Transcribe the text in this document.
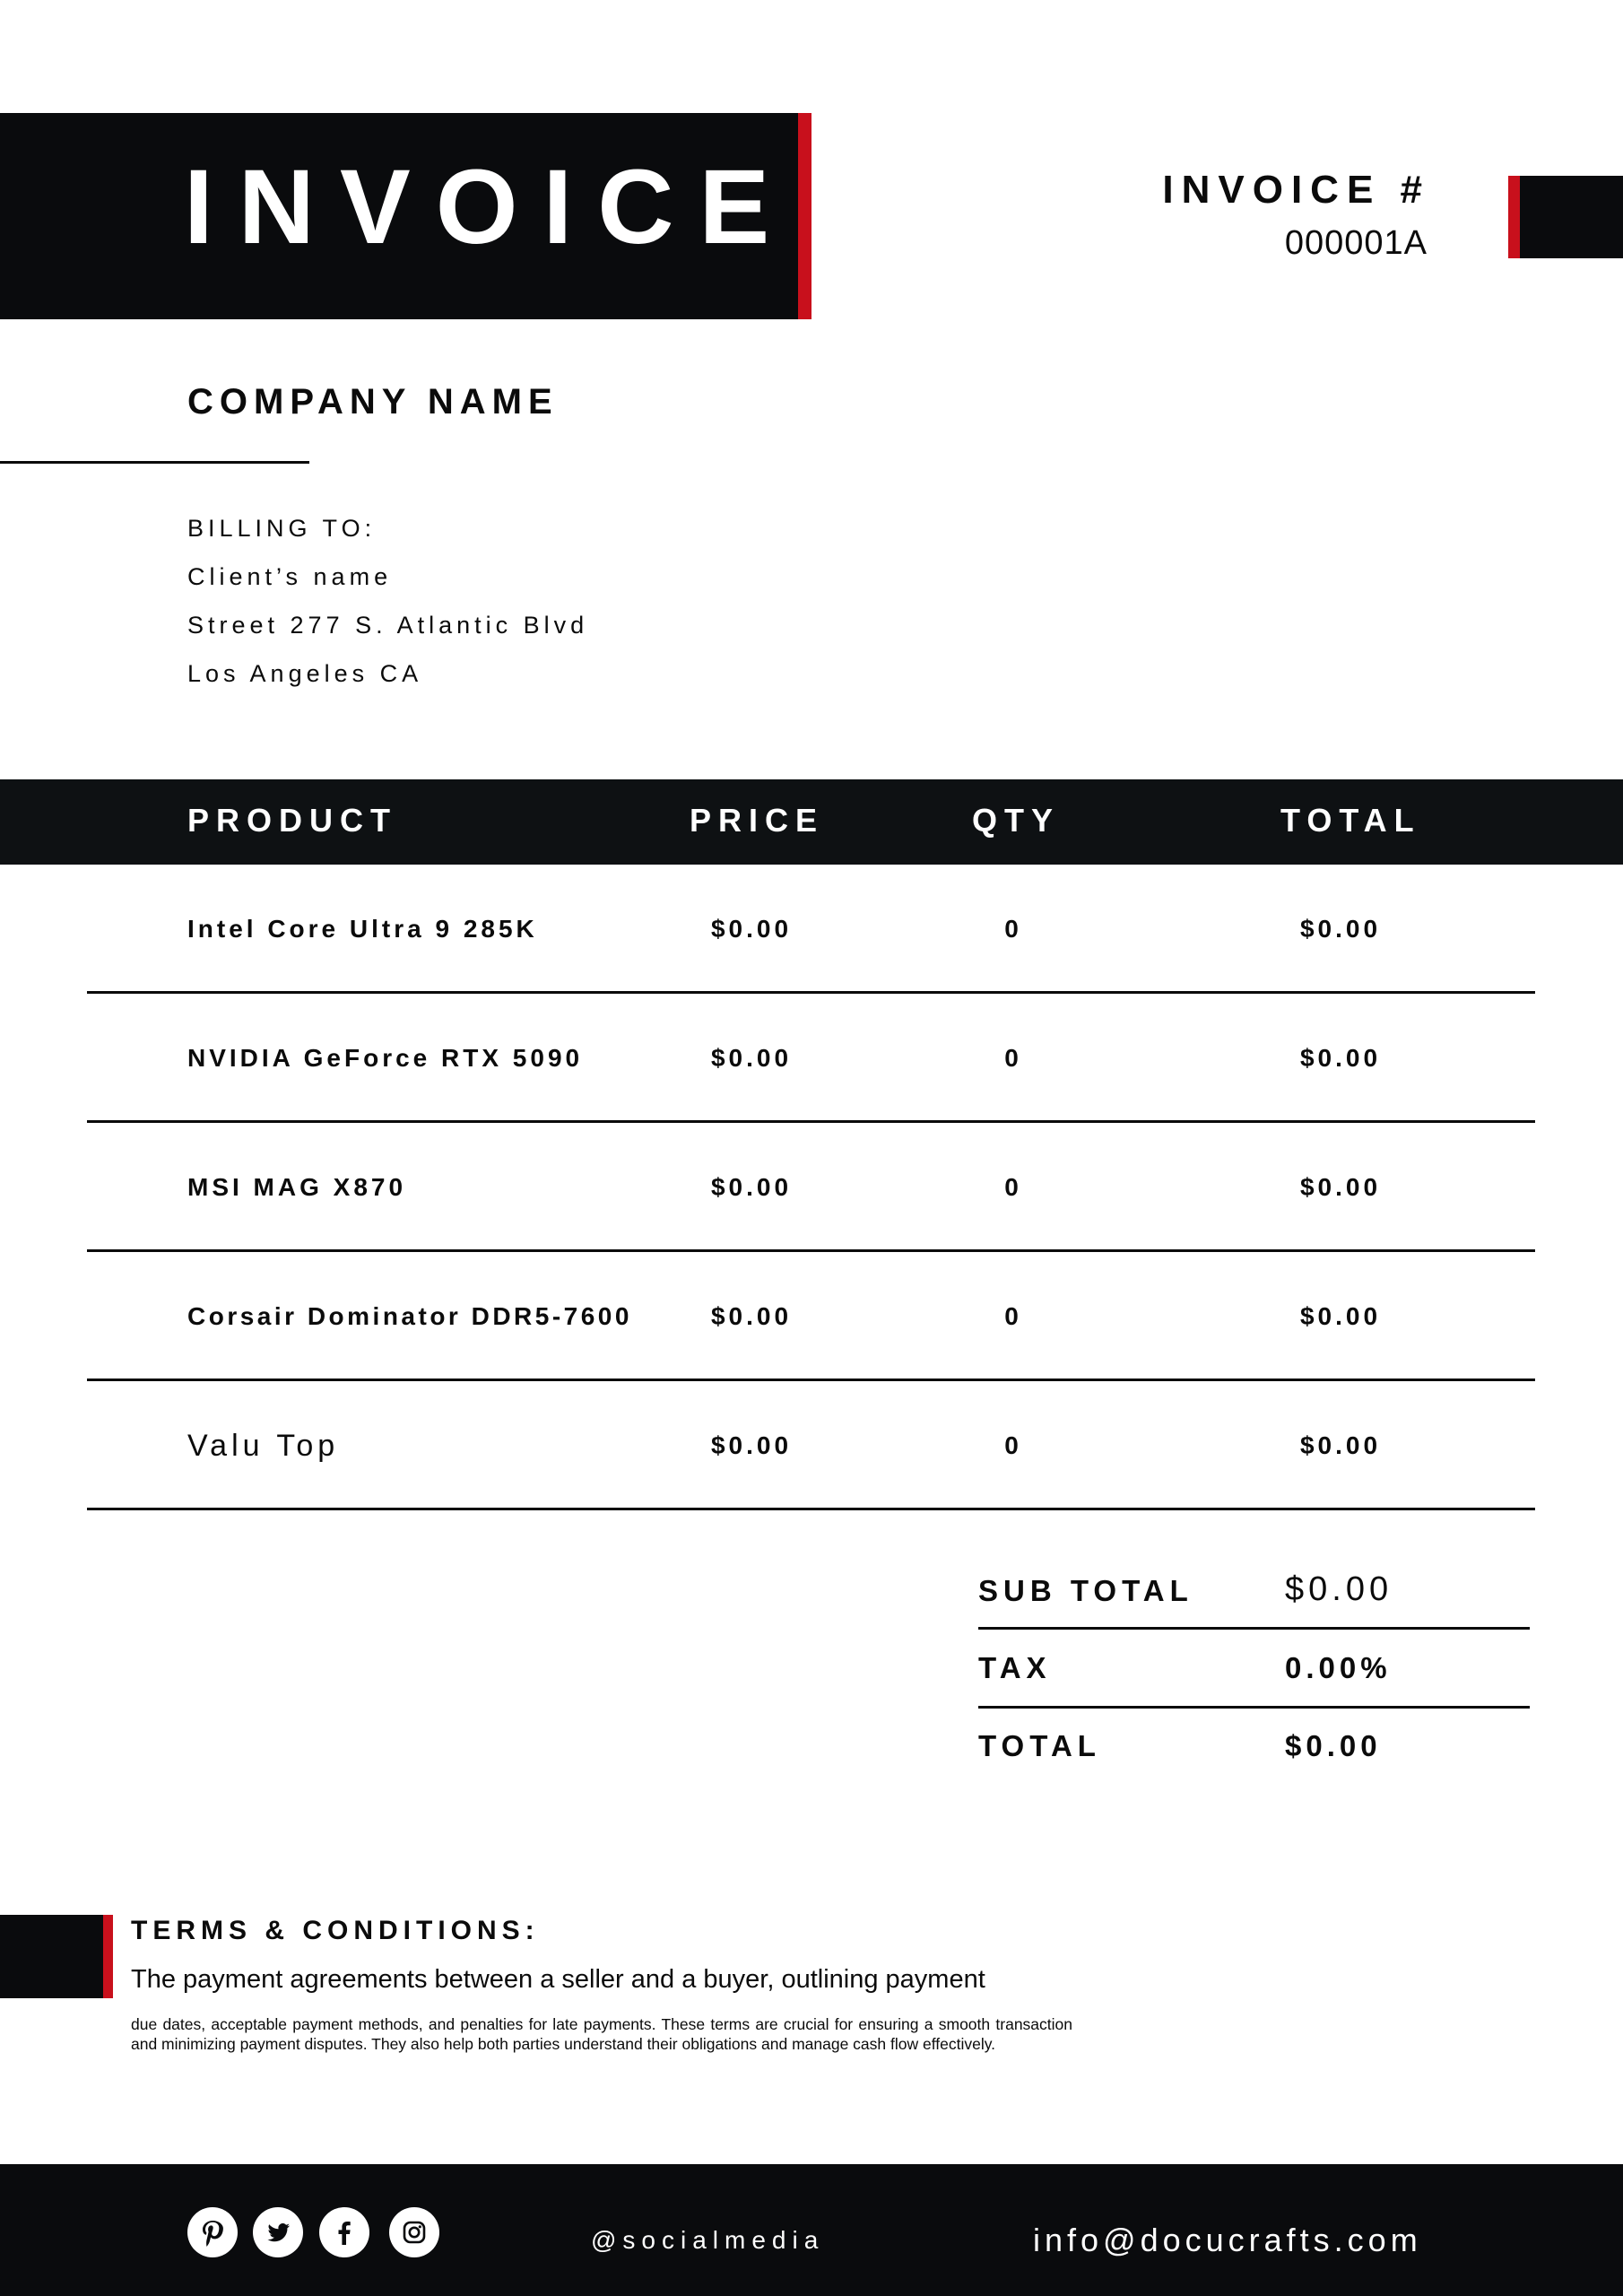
INVOICE	INVOICE #
000001A
COMPANY NAME
BILLING TO:
Client’s name
Street 277 S. Atlantic Blvd
Los Angeles CA
PRODUCT	PRICE	QTY	TOTAL
Intel Core Ultra 9 285K	$0.00	0	$0.00
NVIDIA GeForce RTX 5090	$0.00	0	$0.00
MSI MAG X870	$0.00	0	$0.00
Corsair Dominator DDR5-7600	$0.00	0	$0.00
Valu Top	$0.00	0	$0.00
SUB TOTAL	$0.00
TAX	0.00%
TOTAL	$0.00
TERMS & CONDITIONS:
The payment agreements between a seller and a buyer, outlining payment
due dates, acceptable payment methods, and penalties for late payments. These terms are crucial for ensuring a smooth transaction and minimizing payment disputes. They also help both parties understand their obligations and manage cash flow effectively.
@socialmedia	info@docucrafts.com
